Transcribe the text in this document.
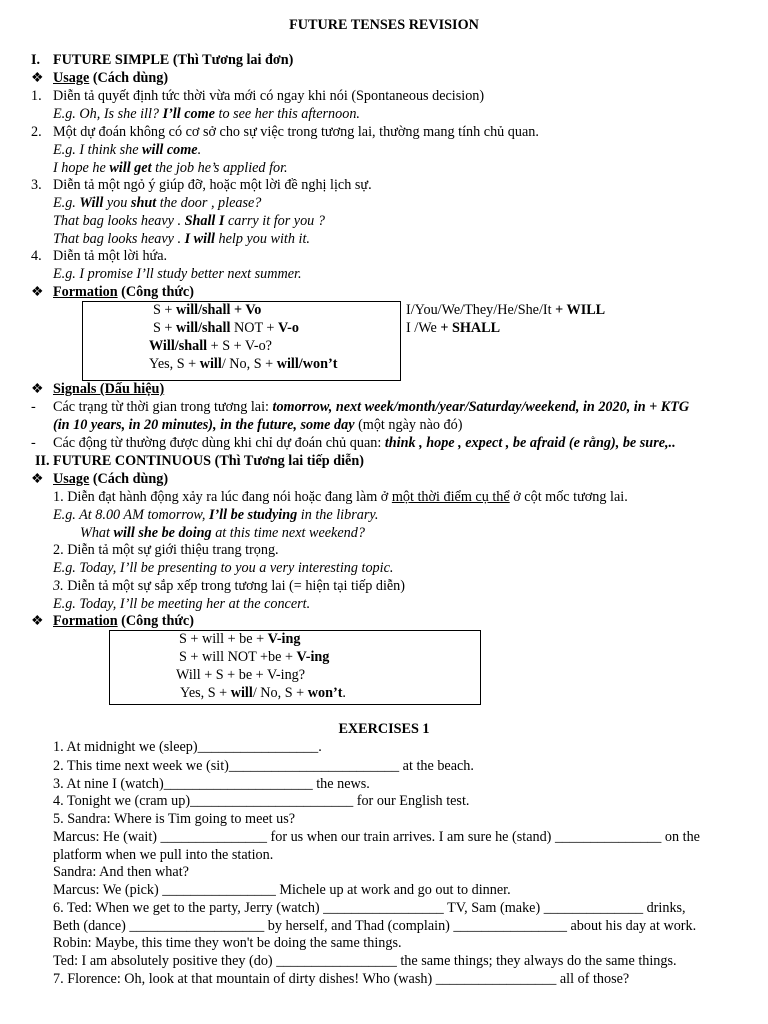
FUTURE TENSES REVISION
I. FUTURE SIMPLE (Thì Tương lai đơn)
❖ Usage (Cách dùng)
1. Diễn tả quyết định tức thời vừa mới có ngay khi nói (Spontaneous decision)
E.g. Oh, Is she ill? I’ll come to see her this afternoon.
2. Một dự đoán không có cơ sở cho sự việc trong tương lai, thường mang tính chủ quan.
E.g. I think she will come.
I hope he will get the job he’s applied for.
3. Diễn tả một ngỏ ý giúp đỡ, hoặc một lời đề nghị lịch sự.
E.g. Will you shut the door , please?
That bag looks heavy . Shall I carry it for you ?
That bag looks heavy . I will help you with it.
4. Diễn tả một lời hứa.
E.g. I promise I’ll study better next summer.
❖ Formation (Công thức)
S + will/shall + Vo
S + will/shall NOT + V-o
Will/shall + S + V-o?
Yes, S + will/ No, S + will/won’t
I/You/We/They/He/She/It + WILL
I /We + SHALL
❖ Signals (Dấu hiệu)
- Các trạng từ thời gian trong tương lai: tomorrow, next week/month/year/Saturday/weekend, in 2020, in + KTG
(in 10 years, in 20 minutes), in the future, some day (một ngày nào đó)
- Các động từ thường được dùng khi chỉ dự đoán chủ quan: think , hope , expect , be afraid (e rằng), be sure,..
II. FUTURE CONTINUOUS (Thì Tương lai tiếp diễn)
❖ Usage (Cách dùng)
1. Diễn đạt hành động xảy ra lúc đang nói hoặc đang làm ở một thời điểm cụ thể ở cột mốc tương lai.
E.g. At 8.00 AM tomorrow, I’ll be studying in the library.
What will she be doing at this time next weekend?
2. Diễn tả một sự giới thiệu trang trọng.
E.g. Today, I’ll be presenting to you a very interesting topic.
3. Diễn tả một sự sắp xếp trong tương lai (= hiện tại tiếp diễn)
E.g. Today, I’ll be meeting her at the concert.
❖ Formation (Công thức)
S + will + be + V-ing
S + will NOT +be + V-ing
Will + S + be + V-ing?
Yes, S + will/ No, S + won’t.
EXERCISES 1
1. At midnight we (sleep)_________________.
2. This time next week we (sit)________________________ at the beach.
3. At nine I (watch)_____________________ the news.
4. Tonight we (cram up)_______________________ for our English test.
5. Sandra: Where is Tim going to meet us?
Marcus: He (wait) _______________ for us when our train arrives. I am sure he (stand) _______________ on the
platform when we pull into the station.
Sandra: And then what?
Marcus: We (pick) ________________ Michele up at work and go out to dinner.
6. Ted: When we get to the party, Jerry (watch) _________________ TV, Sam (make) ______________ drinks,
Beth (dance) ___________________ by herself, and Thad (complain) ________________ about his day at work.
Robin: Maybe, this time they won't be doing the same things.
Ted: I am absolutely positive they (do) _________________ the same things; they always do the same things.
7. Florence: Oh, look at that mountain of dirty dishes! Who (wash) _________________ all of those?
